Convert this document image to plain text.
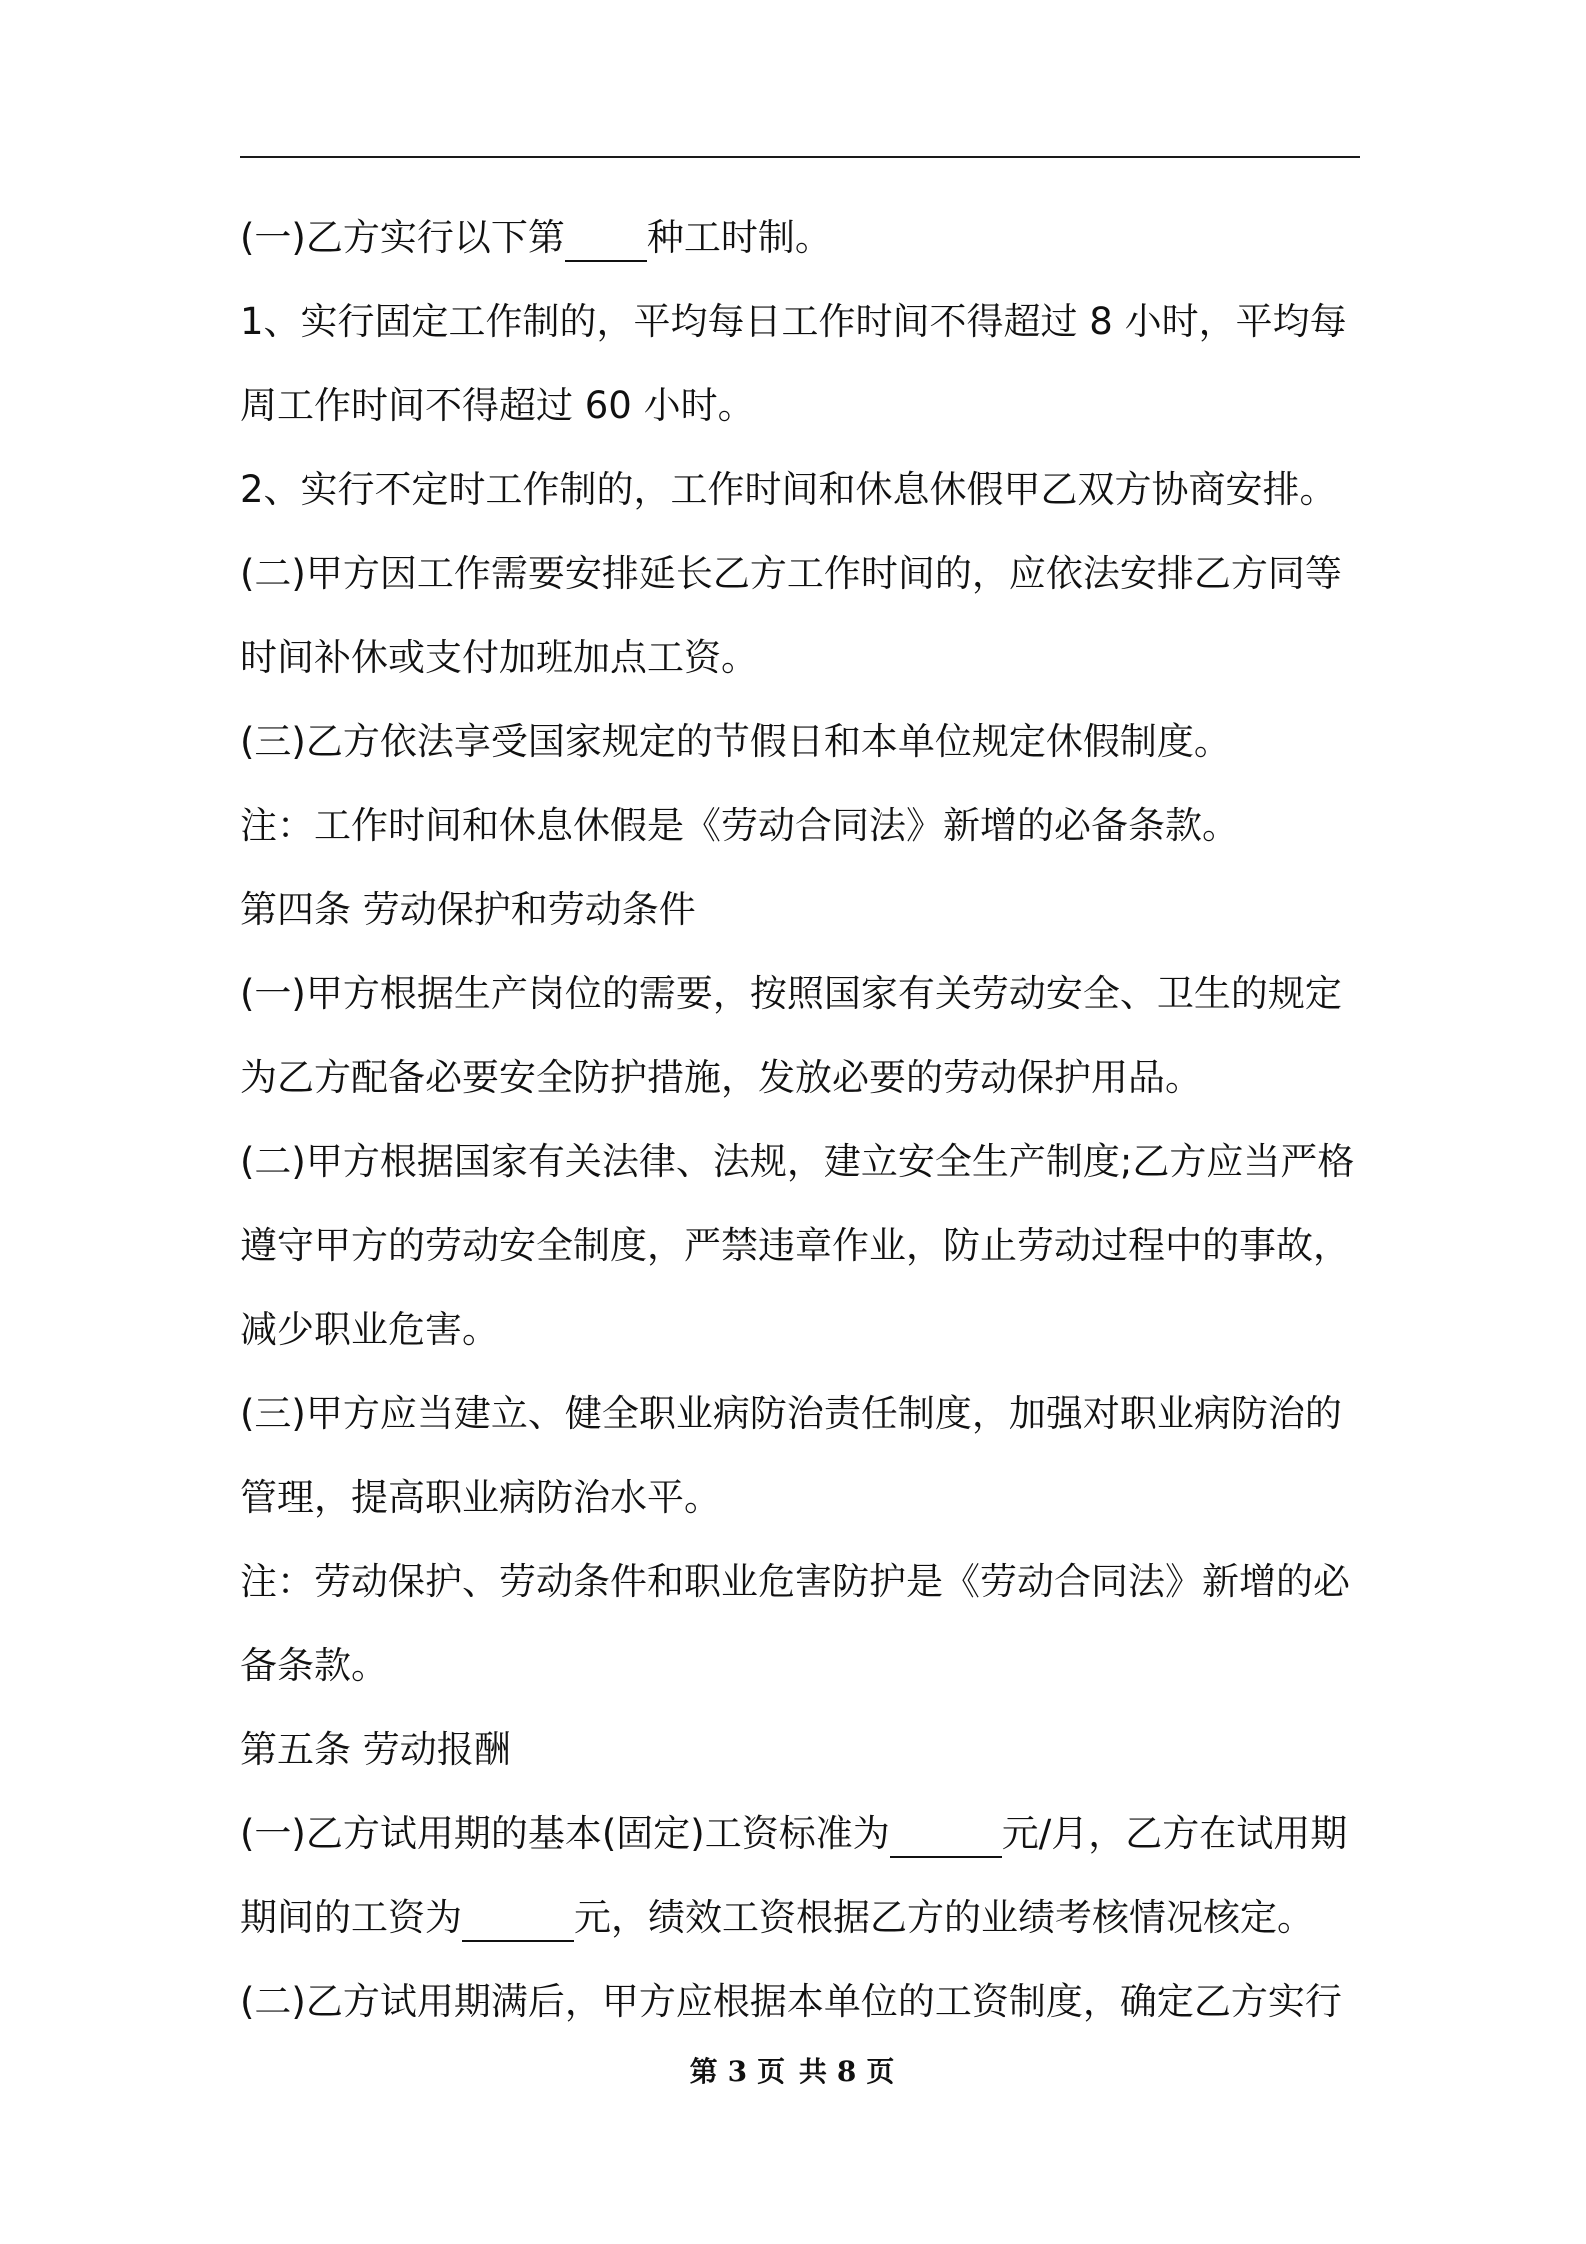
(一)乙方实行以下第 种工时制。
1、实行固定工作制的，平均每日工作时间不得超过 8 小时，平均每
周工作时间不得超过 60 小时。
2、实行不定时工作制的，工作时间和休息休假甲乙双方协商安排。
(二)甲方因工作需要安排延长乙方工作时间的，应依法安排乙方同等
时间补休或支付加班加点工资。
(三)乙方依法享受国家规定的节假日和本单位规定休假制度。
注：工作时间和休息休假是《劳动合同法》新增的必备条款。
第四条 劳动保护和劳动条件
(一)甲方根据生产岗位的需要，按照国家有关劳动安全、卫生的规定
为乙方配备必要安全防护措施，发放必要的劳动保护用品。
(二)甲方根据国家有关法律、法规，建立安全生产制度;乙方应当严格
遵守甲方的劳动安全制度，严禁违章作业，防止劳动过程中的事故，
减少职业危害。
(三)甲方应当建立、健全职业病防治责任制度，加强对职业病防治的
管理，提高职业病防治水平。
注：劳动保护、劳动条件和职业危害防护是《劳动合同法》新增的必
备条款。
第五条 劳动报酬
(一)乙方试用期的基本(固定)工资标准为	元/月，乙方在试用期
期间的工资为	元，绩效工资根据乙方的业绩考核情况核定。
(二)乙方试用期满后，甲方应根据本单位的工资制度，确定乙方实行
第 3 页 共 8 页
